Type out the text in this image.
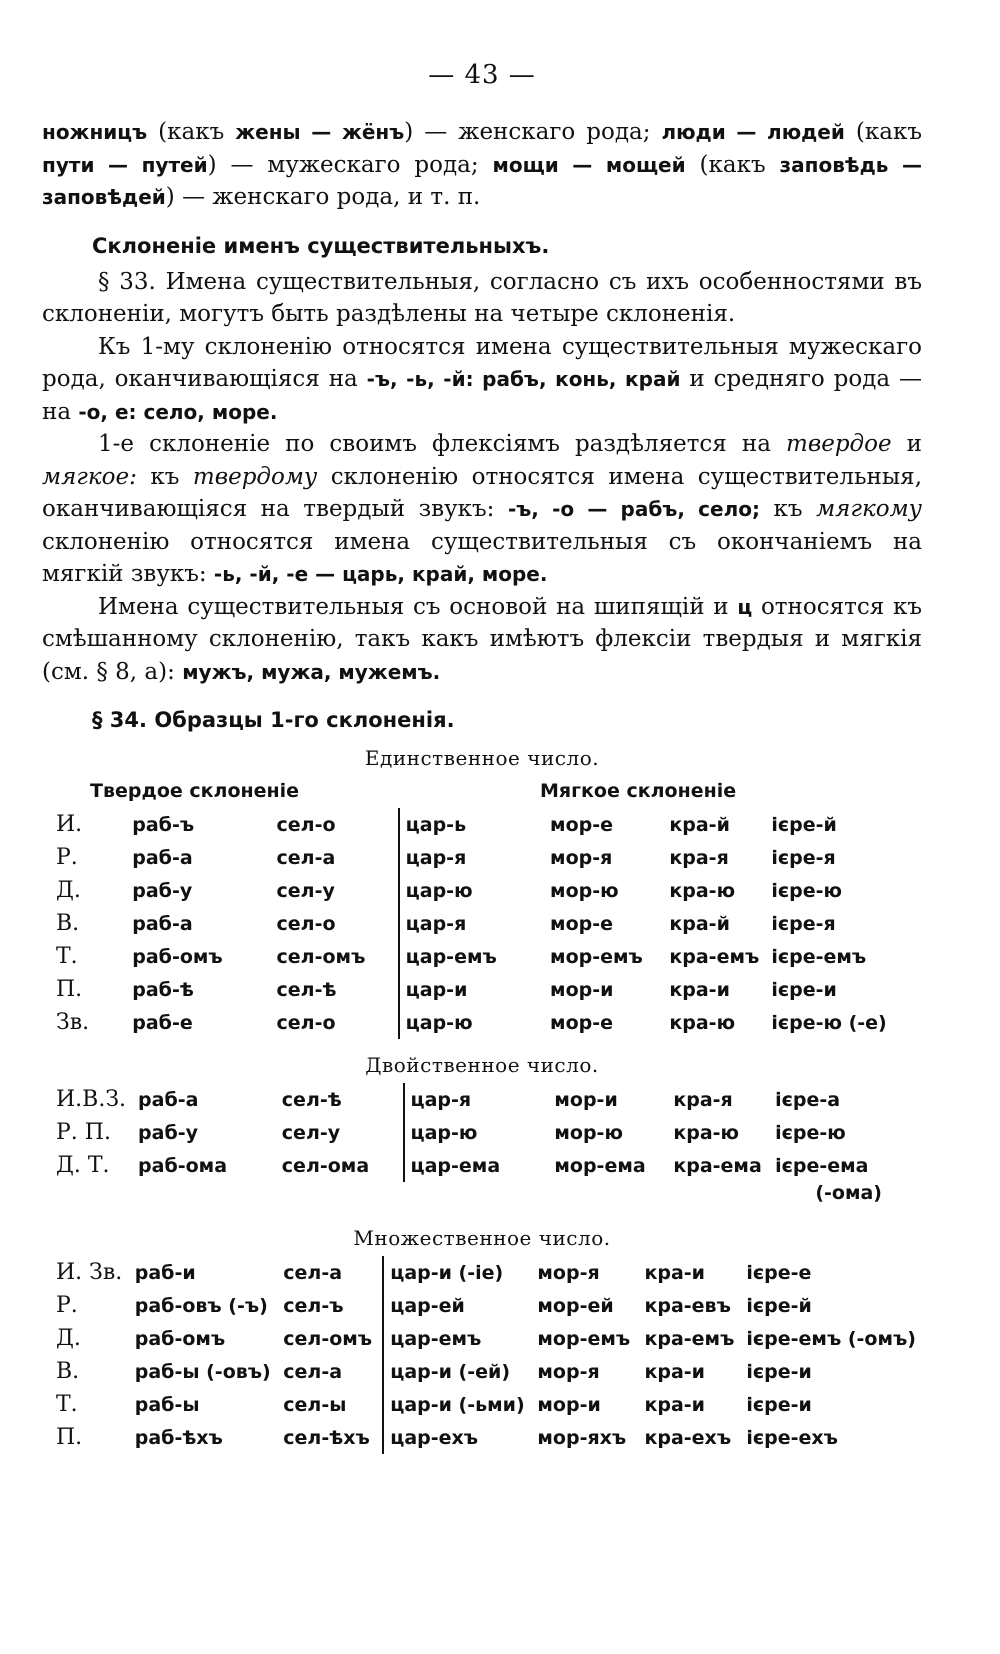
— 43 —

ножницъ (какъ жены — жёнъ) — женскаго рода; люди — людей (какъ пути — путей) — мужескаго рода; мощи — мощей (какъ заповѣдь — заповѣдей) — женскаго рода, и т. п.

Склоненіе именъ существительныхъ.

§ 33. Имена существительныя, согласно съ ихъ особенностями въ склоненіи, могутъ быть раздѣлены на четыре склоненія.

Къ 1-му склоненію относятся имена существительныя мужескаго рода, оканчивающіяся на -ъ, -ь, -й: рабъ, конь, край и средняго рода — на -о, е: село, море.

1-е склоненіе по своимъ флексіямъ раздѣляется на твердое и мягкое: къ твердому склоненію относятся имена существительныя, оканчивающіяся на твердый звукъ: -ъ, -о — рабъ, село; къ мягкому склоненію относятся имена существительныя съ окончаніемъ на мягкій звукъ: -ь, -й, -е — царь, край, море.

Имена существительныя съ основой на шипящій и ц относятся къ смѣшанному склоненію, такъ какъ имѣютъ флексіи твердыя и мягкія (см. § 8, а): мужъ, мужа, мужемъ.

§ 34. Образцы 1-го склоненія.
Единственное число.
Твердое склоненіе	Мягкое склоненіе
И.	раб-ъ	сел-о	цар-ь	мор-е	кра-й	ієре-й
Р.	раб-а	сел-а	цар-я	мор-я	кра-я	ієре-я
Д.	раб-у	сел-у	цар-ю	мор-ю	кра-ю	ієре-ю
В.	раб-а	сел-о	цар-я	мор-е	кра-й	ієре-я
Т.	раб-омъ	сел-омъ	цар-емъ	мор-емъ	кра-емъ	ієре-емъ
П.	раб-ѣ	сел-ѣ	цар-и	мор-и	кра-и	ієре-и
Зв.	раб-е	сел-о	цар-ю	мор-е	кра-ю	ієре-ю (-е)
Двойственное число.
И.В.З.	раб-а	сел-ѣ	цар-я	мор-и	кра-я	ієре-а
Р. П.	раб-у	сел-у	цар-ю	мор-ю	кра-ю	ієре-ю
Д. Т.	раб-ома	сел-ома	цар-ема	мор-ема	кра-ема	ієре-ема
(-ома)
Множественное число.
И. Зв.	раб-и	сел-а	цар-и (-іе)	мор-я	кра-и	ієре-е
Р.	раб-овъ (-ъ)	сел-ъ	цар-ей	мор-ей	кра-евъ	ієре-й
Д.	раб-омъ	сел-омъ	цар-емъ	мор-емъ	кра-емъ	ієре-емъ (-омъ)
В.	раб-ы (-овъ)	сел-а	цар-и (-ей)	мор-я	кра-и	ієре-и
Т.	раб-ы	сел-ы	цар-и (-ьми)	мор-и	кра-и	ієре-и
П.	раб-ѣхъ	сел-ѣхъ	цар-ехъ	мор-яхъ	кра-ехъ	ієре-ехъ
